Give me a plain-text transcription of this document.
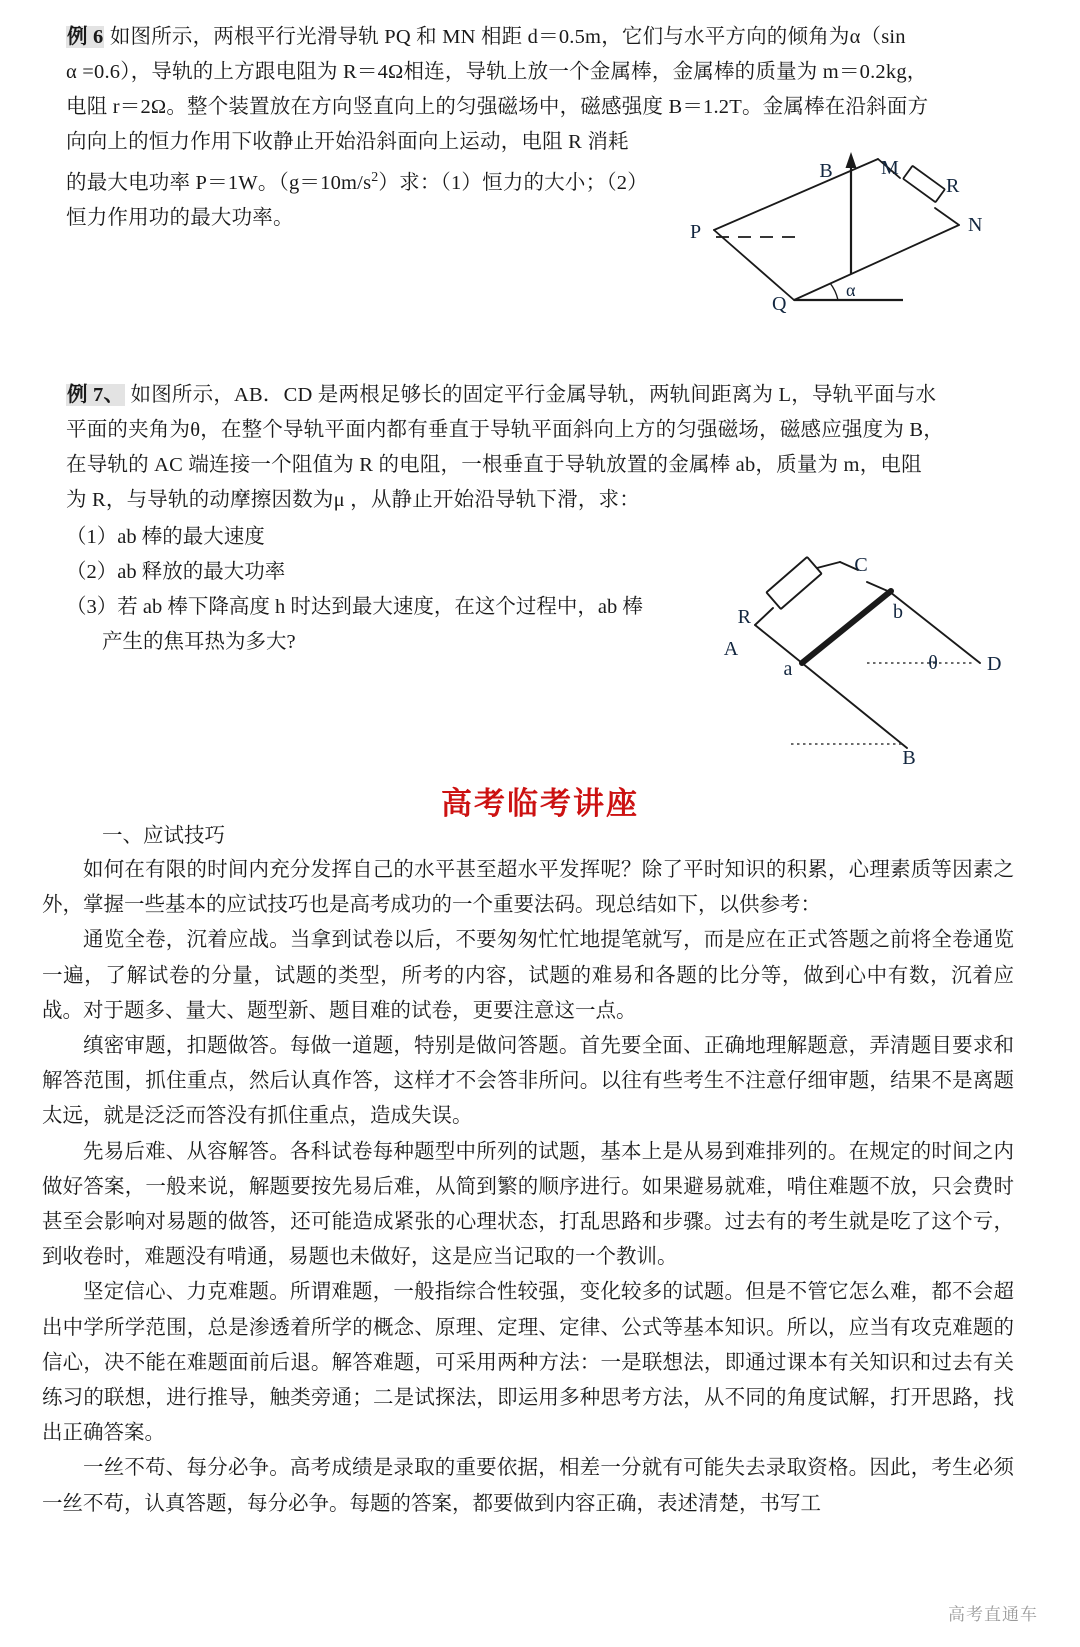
例 6 如图所示，两根平行光滑导轨 PQ 和 MN 相距 d＝0.5m，它们与水平方向的倾角为α（sin
α =0.6），导轨的上方跟电阻为 R＝4Ω相连，导轨上放一个金属棒，金属棒的质量为 m＝0.2kg，
电阻 r＝2Ω。整个装置放在方向竖直向上的匀强磁场中，磁感强度 B＝1.2T。金属棒在沿斜面方
向向上的恒力作用下收静止开始沿斜面向上运动，电阻 R 消耗
的最大电功率 P＝1W。$(g=10m/s^2)$求：（1）恒力的大小；（2）
恒力作用功的最大功率。
B M
R
N
P
Q
α
例 7、 如图所示，AB．CD 是两根足够长的固定平行金属导轨，两轨间距离为 L，导轨平面与水
平面的夹角为θ，在整个导轨平面内都有垂直于导轨平面斜向上方的匀强磁场，磁感应强度为 B，
在导轨的 AC 端连接一个阻值为 R 的电阻，一根垂直于导轨放置的金属棒 ab，质量为 m，电阻
为 R，与导轨的动摩擦因数为μ ，从静止开始沿导轨下滑，求：
（1）ab 棒的最大速度
（2）ab 释放的最大功率
（3）若 ab 棒下降高度 h 时达到最大速度，在这个过程中，ab 棒
产生的焦耳热为多大?
C
R
A
a
b
θ D
B
高考临考讲座
一、应试技巧

如何在有限的时间内充分发挥自己的水平甚至超水平发挥呢？除了平时知识的积累，心理素质等因素之外，掌握一些基本的应试技巧也是高考成功的一个重要法码。现总结如下，以供参考：

通览全卷，沉着应战。当拿到试卷以后，不要匆匆忙忙地提笔就写，而是应在正式答题之前将全卷通览一遍，了解试卷的分量，试题的类型，所考的内容，试题的难易和各题的比分等，做到心中有数，沉着应战。对于题多、量大、题型新、题目难的试卷，更要注意这一点。

缜密审题，扣题做答。每做一道题，特别是做问答题。首先要全面、正确地理解题意，弄清题目要求和解答范围，抓住重点，然后认真作答，这样才不会答非所问。以往有些考生不注意仔细审题，结果不是离题太远，就是泛泛而答没有抓住重点，造成失误。

先易后难、从容解答。各科试卷每种题型中所列的试题，基本上是从易到难排列的。在规定的时间之内做好答案，一般来说，解题要按先易后难，从简到繁的顺序进行。如果避易就难，啃住难题不放，只会费时甚至会影响对易题的做答，还可能造成紧张的心理状态，打乱思路和步骤。过去有的考生就是吃了这个亏，到收卷时，难题没有啃通，易题也未做好，这是应当记取的一个教训。

坚定信心、力克难题。所谓难题，一般指综合性较强，变化较多的试题。但是不管它怎么难，都不会超出中学所学范围，总是渗透着所学的概念、原理、定理、定律、公式等基本知识。所以，应当有攻克难题的信心，决不能在难题面前后退。解答难题，可采用两种方法：一是联想法，即通过课本有关知识和过去有关练习的联想，进行推导，触类旁通；二是试探法，即运用多种思考方法，从不同的角度试解，打开思路，找出正确答案。

一丝不苟、每分必争。高考成绩是录取的重要依据，相差一分就有可能失去录取资格。因此，考生必须一丝不苟，认真答题，每分必争。每题的答案，都要做到内容正确，表述清楚，书写工

高考直通车
